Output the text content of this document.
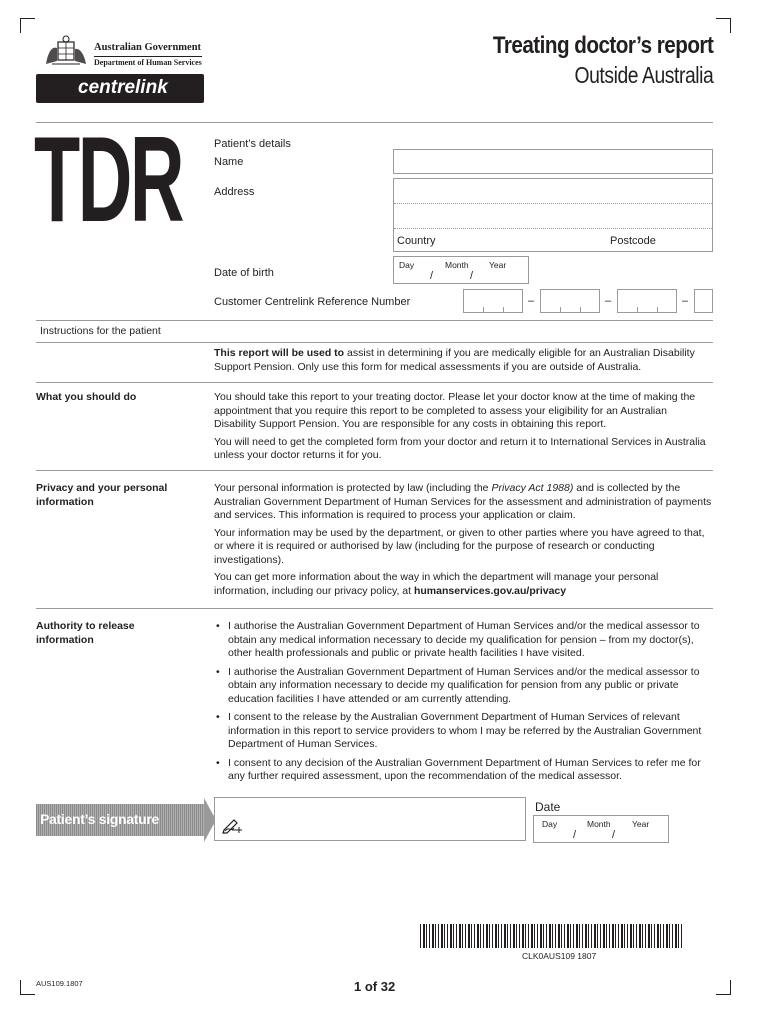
Australian Government
Department of Human Services
centrelink
Treating doctor’s report
Outside Australia
TDR	Patient’s details
Name
Address
Country	Postcode
Date of birth
Day	Month Year
/	/
Customer Centrelink Reference Number	–	–	–
Instructions for the patient
This report will be used to assist in determining if you are medically eligible for an Australian Disability Support Pension. Only use this form for medical assessments if you are outside of Australia.
What you should do	You should take this report to your treating doctor. Please let your doctor know at the time of making the appointment that you require this report to be completed to assess your eligibility for an Australian Disability Support Pension. You are responsible for any costs in obtaining this report.

You will need to get the completed form from your doctor and return it to International Services in Australia unless your doctor returns it for you.

Privacy and your personal information

Your personal information is protected by law (including the Privacy Act 1988) and is collected by the Australian Government Department of Human Services for the assessment and administration of payments and services. This information is required to process your application or claim.

Your information may be used by the department, or given to other parties where you have agreed to that, or where it is required or authorised by law (including for the purpose of research or conducting investigations).

You can get more information about the way in which the department will manage your personal information, including our privacy policy, at humanservices.gov.au/privacy

Authority to release information
• I authorise the Australian Government Department of Human Services and/or the medical assessor to obtain any medical information necessary to decide my qualification for pension – from my doctor(s), other health professionals and public or private health facilities I have visited.
• I authorise the Australian Government Department of Human Services and/or the medical assessor to obtain any information necessary to decide my qualification for pension from any public or private education facilities I have attended or am currently attending.
• I consent to the release by the Australian Government Department of Human Services of relevant information in this report to service providers to whom I may be referred by the Australian Government Department of Human Services.
• I consent to any decision of the Australian Government Department of Human Services to refer me for any further required assessment, upon the recommendation of the medical assessor.
Patient’s signature
Date
Day	Month	Year
/	/
CLK0AUS109 1807
AUS109.1807	1 of 32
